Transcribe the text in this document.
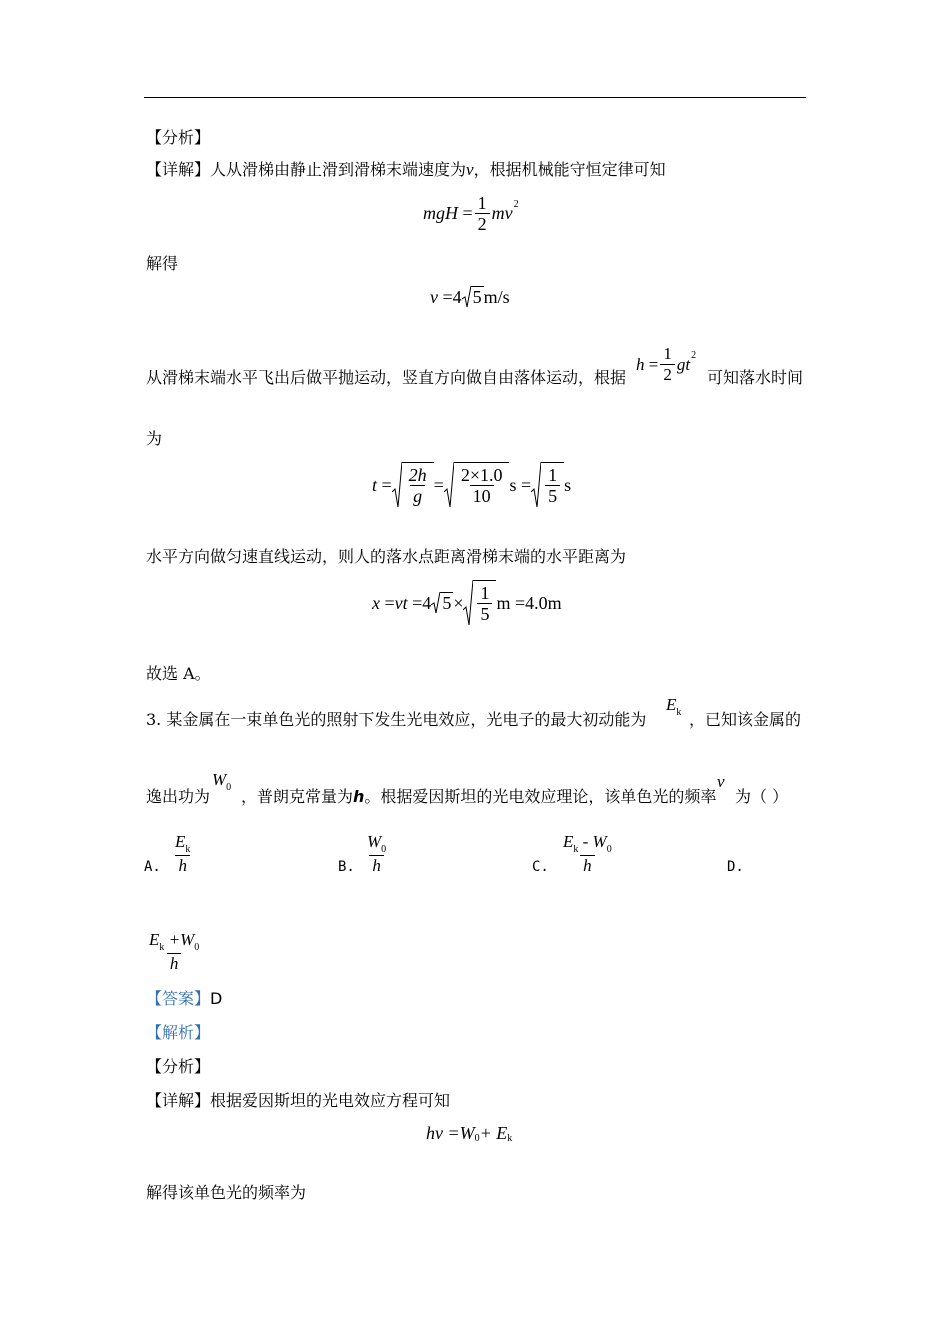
【分析】
【详解】人从滑梯由静止滑到滑梯末端速度为v，根据机械能守恒定律可知
mgH
= $\frac{1}{2}$ mv 2
解得
v
=4 5 m/s
从滑梯末端水平飞出后做平抛运动，竖直方向做自由落体运动，根据
h
= $\frac{1}{2}$ gt 2
可知落水时间
为
t
= $\frac{2h}{g} = \frac{2\times 1.0}{10}$ s
= $\frac{1}{5}$ s
水平方向做匀速直线运动，则人的落水点距离滑梯末端的水平距离为
x
= vt
=4 $5 \times \frac{1}{5}$ m
=4.0m
故选 A。
3. 某金属在一束单色光的照射下发生光电效应，光电子的最大初动能为
$E_k$ ，已知该金属的
逸出功为
$W_0$ ，普朗克常量为h。根据爱因斯坦的光电效应理论，该单色光的频率
ν
为（ ）
A. $\frac{E_k}{h}$	B. $\frac{W_0}{h}$	C. $\frac{E_k - W_0}{h}$	D.
$\frac{E_k +W_0}{h}$
【答案】D
【解析】
【分析】
【详解】根据爱因斯坦的光电效应方程可知
hν
=W 0 + E k
解得该单色光的频率为
